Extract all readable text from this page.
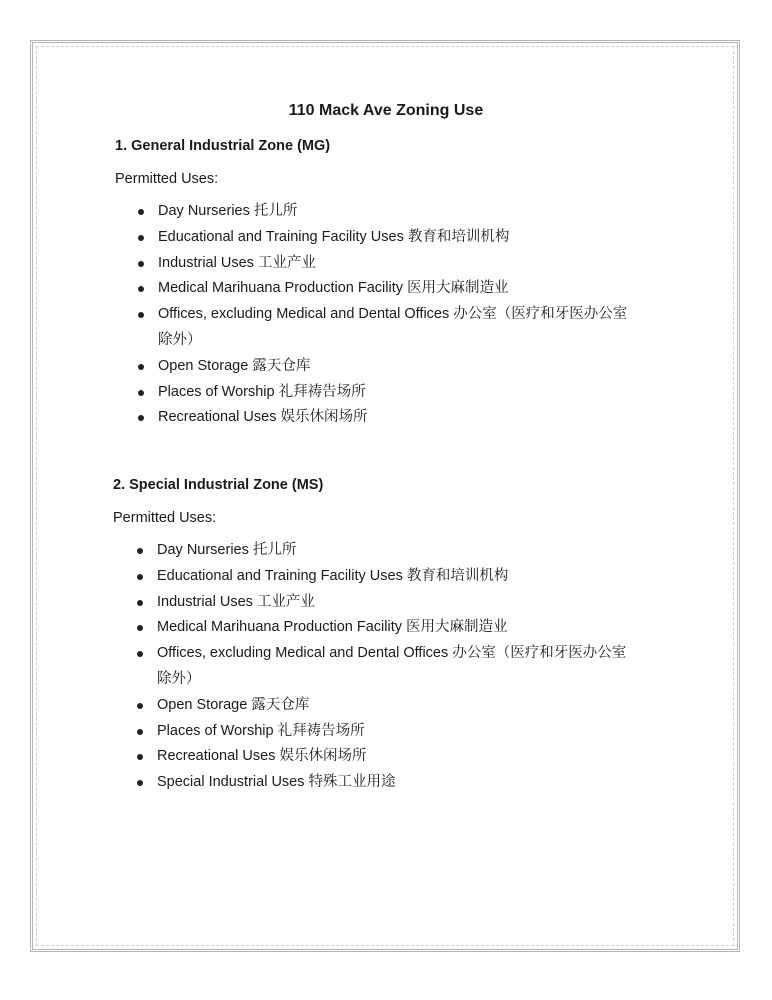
110 Mack Ave Zoning Use
1. General Industrial Zone (MG)

Permitted Uses:

Day Nurseries 托儿所
Educational and Training Facility Uses 教育和培训机构
Industrial Uses 工业产业
Medical Marihuana Production Facility 医用大麻制造业
Offices, excluding Medical and Dental Offices 办公室（医疗和牙医办公室除外）
Open Storage 露天仓库
Places of Worship 礼拜祷告场所
Recreational Uses 娱乐休闲场所
2. Special Industrial Zone (MS)

Permitted Uses:

Day Nurseries 托儿所
Educational and Training Facility Uses 教育和培训机构
Industrial Uses 工业产业
Medical Marihuana Production Facility 医用大麻制造业
Offices, excluding Medical and Dental Offices 办公室（医疗和牙医办公室除外）
Open Storage 露天仓库
Places of Worship 礼拜祷告场所
Recreational Uses 娱乐休闲场所
Special Industrial Uses 特殊工业用途
